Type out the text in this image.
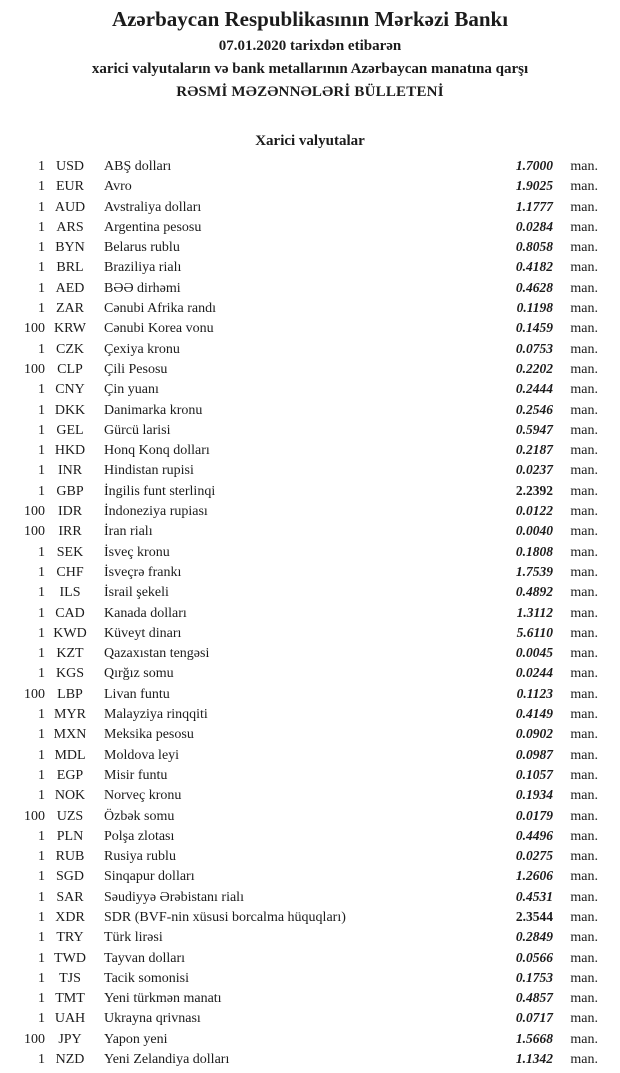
Azərbaycan Respublikasının Mərkəzi Bankı
07.01.2020 tarixdən etibarən
xarici valyutaların və bank metallarının Azərbaycan manatına qarşı
RƏSMİ MƏZƏNNƏLƏRİ BÜLLETENİ
Xarici valyutalar
1 USD	ABŞ dolları	1.7000	man.
1 EUR	Avro	1.9025	man.
1 AUD	Avstraliya dolları	1.1777	man.
1 ARS	Argentina pesosu	0.0284	man.
1 BYN	Belarus rublu	0.8058	man.
1 BRL	Braziliya rialı	0.4182	man.
1 AED	BƏƏ dirhəmi	0.4628	man.
1 ZAR	Cənubi Afrika randı	0.1198	man.
100 KRW	Cənubi Korea vonu	0.1459	man.
1 CZK	Çexiya kronu	0.0753	man.
100 CLP	Çili Pesosu	0.2202	man.
1 CNY	Çin yuanı	0.2444	man.
1 DKK	Danimarka kronu	0.2546	man.
1 GEL	Gürcü larisi	0.5947	man.
1 HKD	Honq Konq dolları	0.2187	man.
1 INR	Hindistan rupisi	0.0237	man.
1 GBP	İngilis funt sterlinqi	2.2392	man.
100 IDR	İndoneziya rupiası	0.0122	man.
100 IRR	İran rialı	0.0040	man.
1 SEK	İsveç kronu	0.1808	man.
1 CHF	İsveçrə frankı	1.7539	man.
1	ILS	İsrail şekeli	0.4892	man.
1 CAD	Kanada dolları	1.3112	man.
1 KWD	Küveyt dinarı	5.6110	man.
1 KZT	Qazaxıstan tengəsi	0.0045	man.
1 KGS	Qırğız somu	0.0244	man.
100 LBP	Livan funtu	0.1123	man.
1 MYR	Malayziya rinqqiti	0.4149	man.
1 MXN	Meksika pesosu	0.0902	man.
1 MDL	Moldova leyi	0.0987	man.
1 EGP	Misir funtu	0.1057	man.
1 NOK	Norveç kronu	0.1934	man.
100 UZS	Özbək somu	0.0179	man.
1 PLN	Polşa zlotası	0.4496	man.
1 RUB	Rusiya rublu	0.0275	man.
1 SGD	Sinqapur dolları	1.2606	man.
1 SAR	Səudiyyə Ərəbistanı rialı	0.4531	man.
1 XDR	SDR (BVF-nin xüsusi borcalma hüquqları)	2.3544	man.
1 TRY	Türk lirəsi	0.2849	man.
1 TWD	Tayvan dolları	0.0566	man.
1	TJS	Tacik somonisi	0.1753	man.
1 TMT	Yeni türkmən manatı	0.4857	man.
1 UAH	Ukrayna qrivnası	0.0717	man.
100 JPY	Yapon yeni	1.5668	man.
1 NZD	Yeni Zelandiya dolları	1.1342	man.
